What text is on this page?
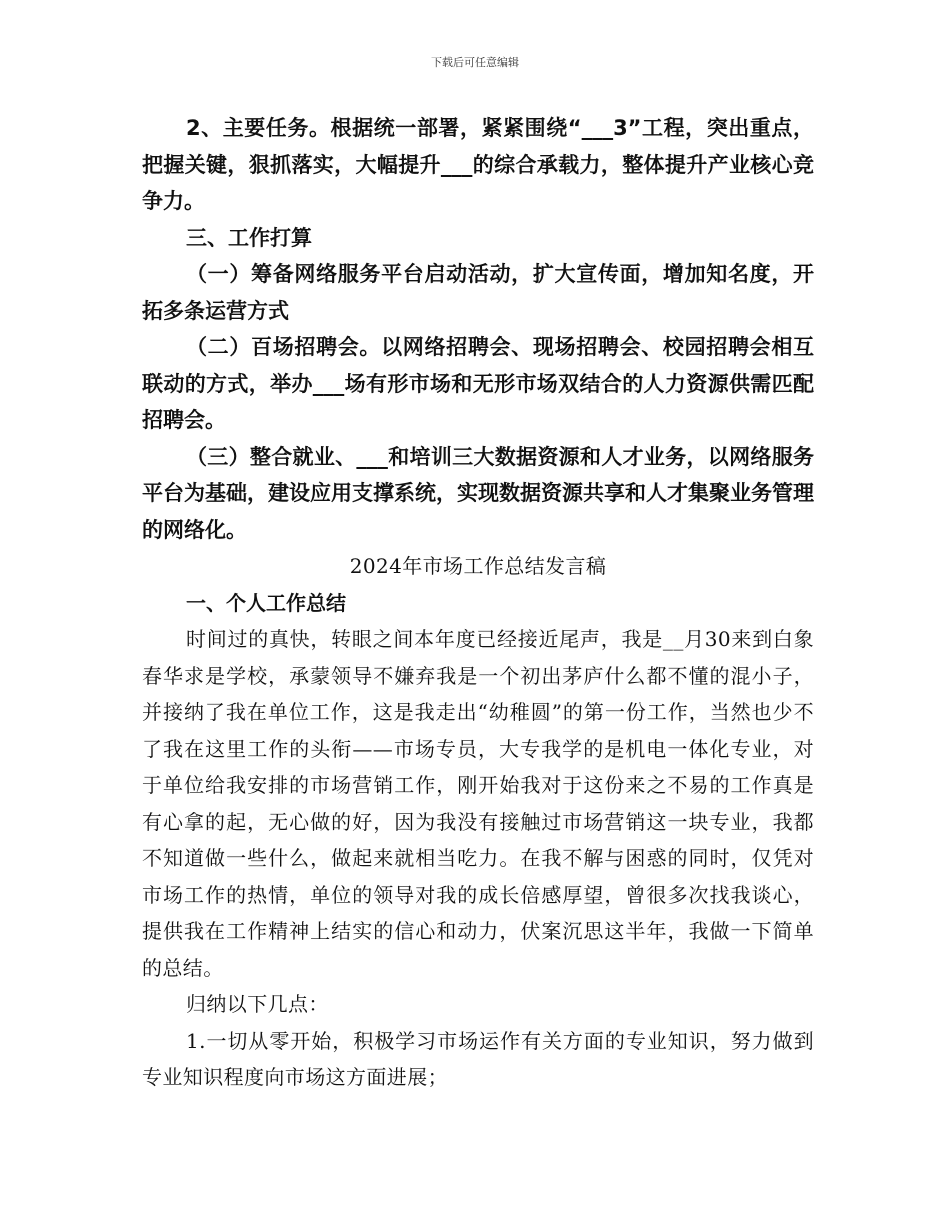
下载后可任意编辑

2、主要任务。根据统一部署，紧紧围绕“___3”工程，突出重点，把握关键，狠抓落实，大幅提升___的综合承载力，整体提升产业核心竞争力。

三、工作打算

（一）筹备网络服务平台启动活动，扩大宣传面，增加知名度，开拓多条运营方式

（二）百场招聘会。以网络招聘会、现场招聘会、校园招聘会相互联动的方式，举办___场有形市场和无形市场双结合的人力资源供需匹配招聘会。

（三）整合就业、___和培训三大数据资源和人才业务，以网络服务平台为基础，建设应用支撑系统，实现数据资源共享和人才集聚业务管理的网络化。

2024年市场工作总结发言稿

一、个人工作总结

时间过的真快，转眼之间本年度已经接近尾声，我是__月30来到白象春华求是学校，承蒙领导不嫌弃我是一个初出茅庐什么都不懂的混小子，并接纳了我在单位工作，这是我走出“幼稚圆”的第一份工作，当然也少不了我在这里工作的头衔——市场专员，大专我学的是机电一体化专业，对于单位给我安排的市场营销工作，刚开始我对于这份来之不易的工作真是有心拿的起，无心做的好，因为我没有接触过市场营销这一块专业，我都不知道做一些什么，做起来就相当吃力。在我不解与困惑的同时，仅凭对市场工作的热情，单位的领导对我的成长倍感厚望，曾很多次找我谈心，提供我在工作精神上结实的信心和动力，伏案沉思这半年，我做一下简单的总结。

归纳以下几点：

1.一切从零开始，积极学习市场运作有关方面的专业知识，努力做到专业知识程度向市场这方面进展；
